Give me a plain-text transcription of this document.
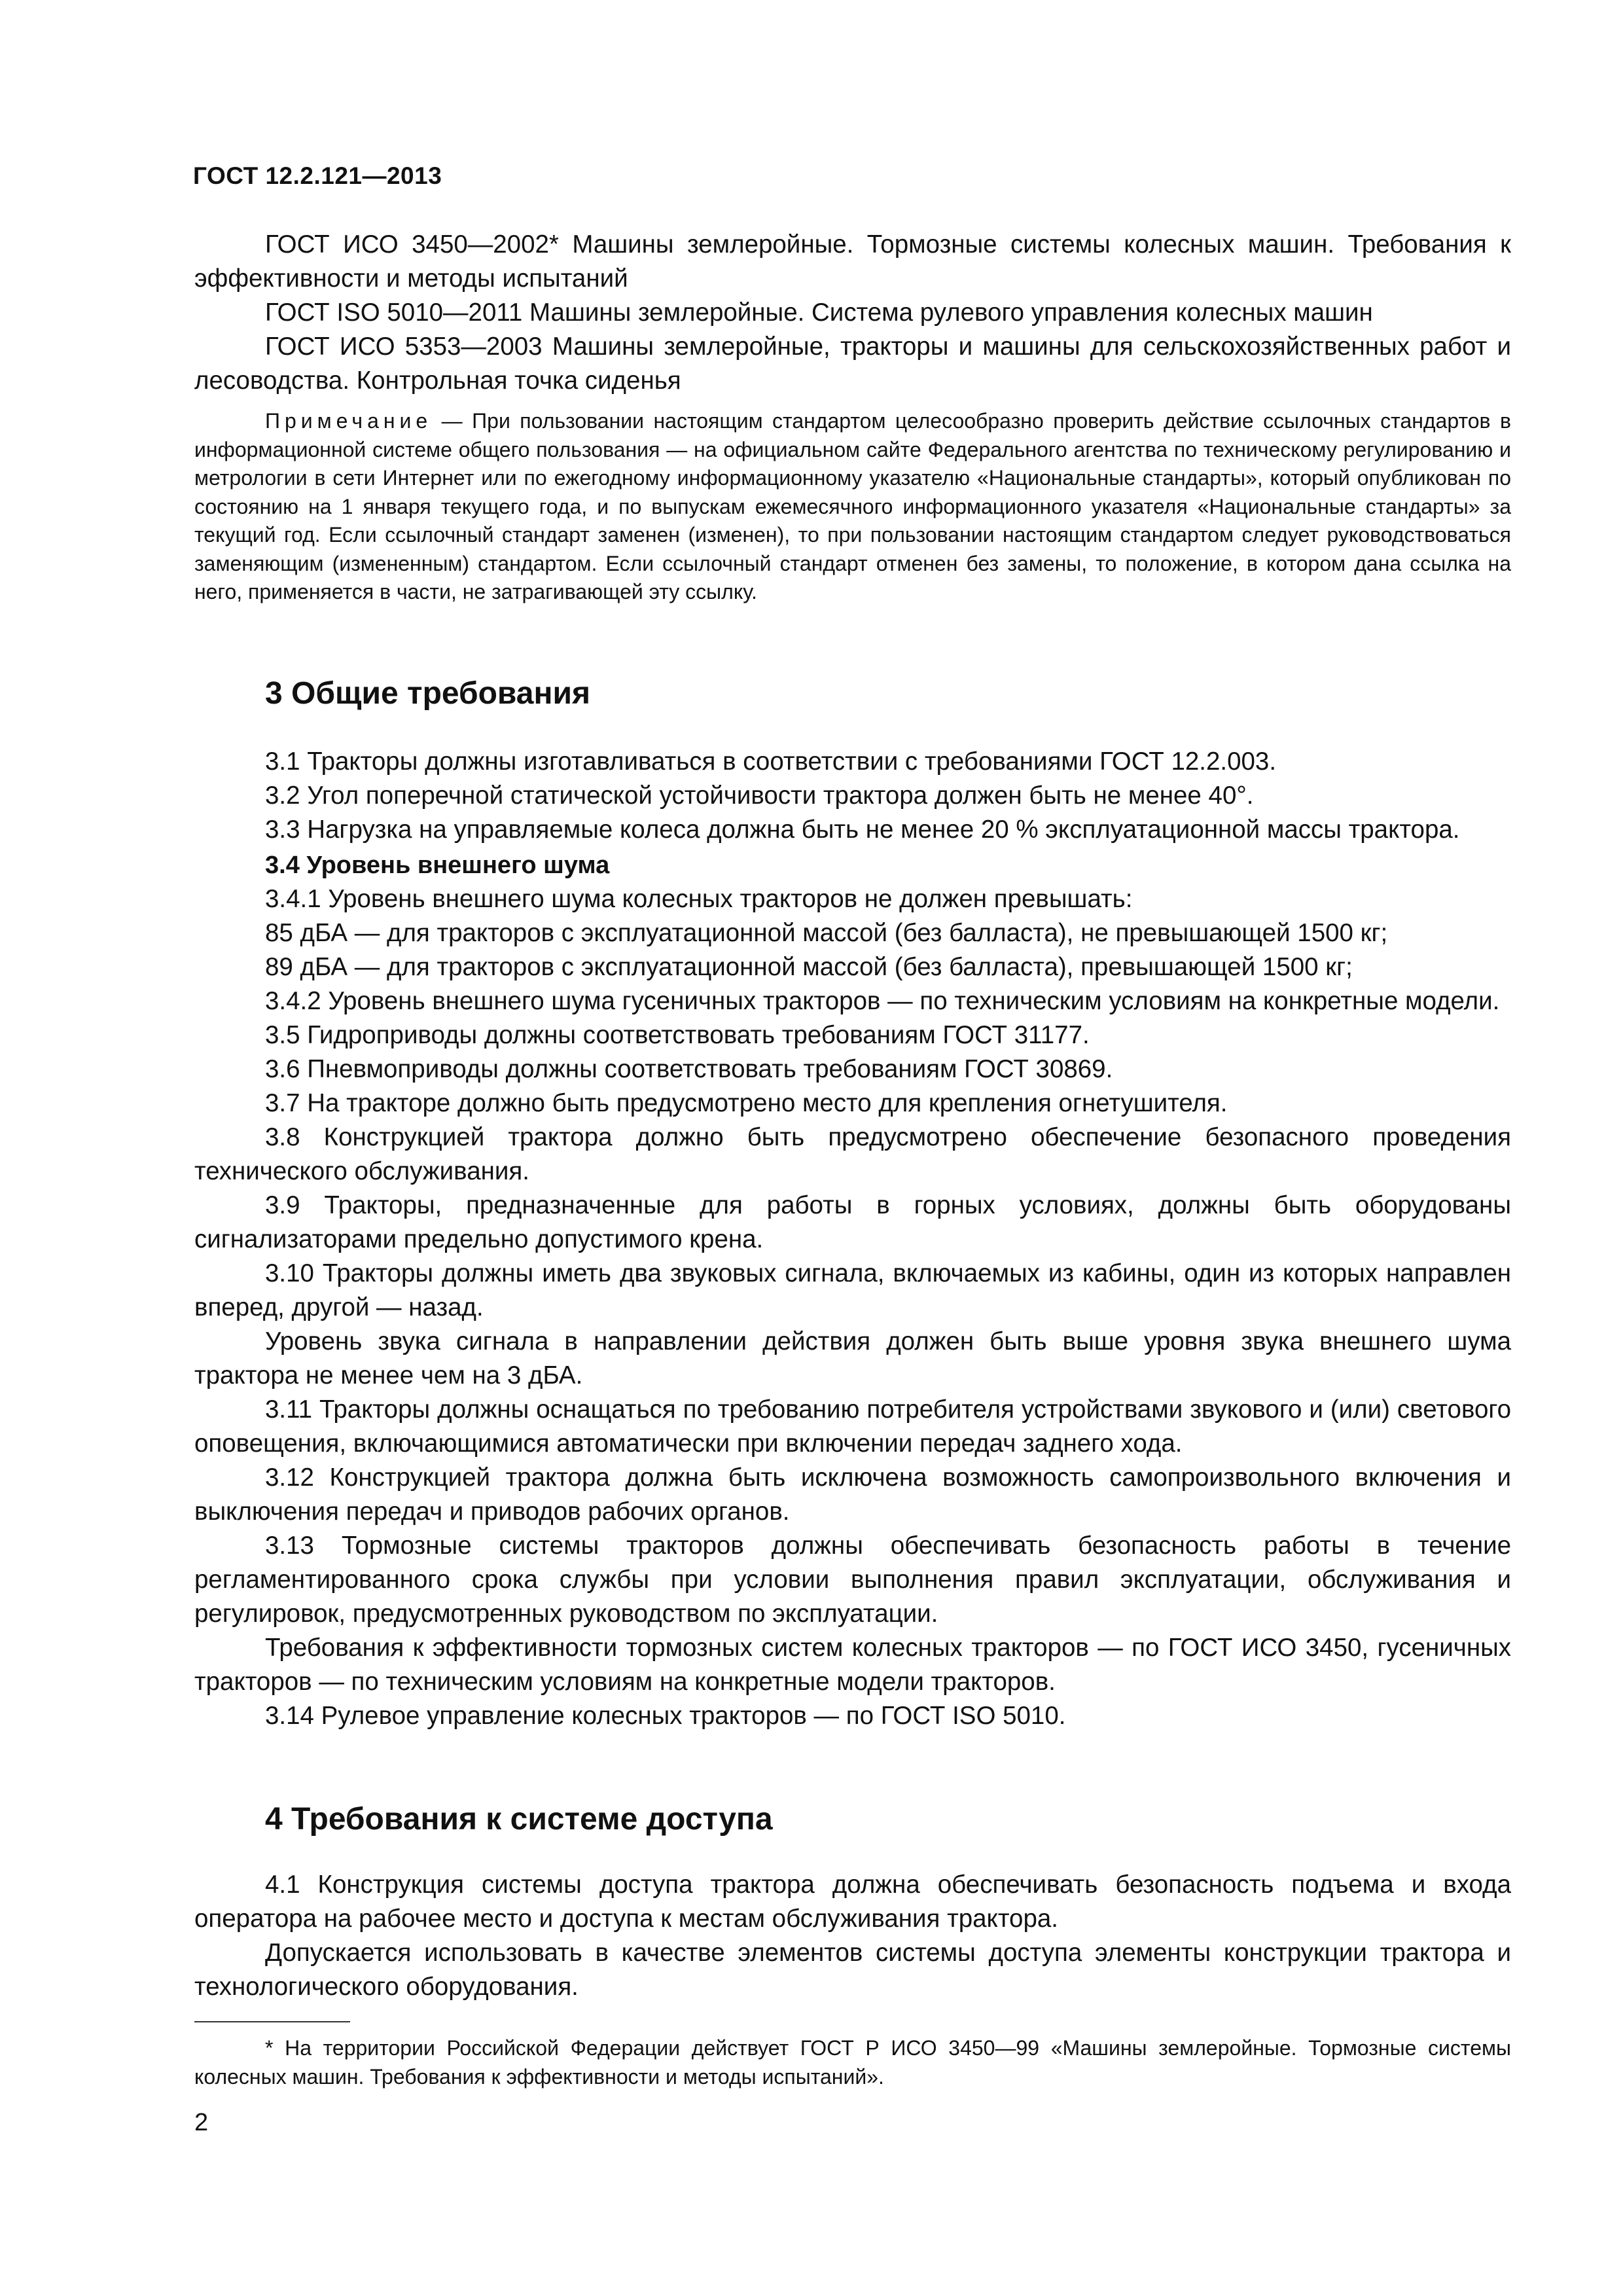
ГОСТ 12.2.121—2013

ГОСТ ИСО 3450—2002* Машины землеройные. Тормозные системы колесных машин. Требования к эффективности и методы испытаний

ГОСТ ISO 5010—2011 Машины землеройные. Система рулевого управления колесных машин

ГОСТ ИСО 5353—2003 Машины землеройные, тракторы и машины для сельскохозяйственных работ и лесоводства. Контрольная точка сиденья

Примечание — При пользовании настоящим стандартом целесообразно проверить действие ссылочных стандартов в информационной системе общего пользования — на официальном сайте Федерального агентства по техническому регулированию и метрологии в сети Интернет или по ежегодному информационному указателю «Национальные стандарты», который опубликован по состоянию на 1 января текущего года, и по выпускам ежемесячного информационного указателя «Национальные стандарты» за текущий год. Если ссылочный стандарт заменен (изменен), то при пользовании настоящим стандартом следует руководствоваться заменяющим (измененным) стандартом. Если ссылочный стандарт отменен без замены, то положение, в котором дана ссылка на него, применяется в части, не затрагивающей эту ссылку.

3 Общие требования

3.1 Тракторы должны изготавливаться в соответствии с требованиями ГОСТ 12.2.003.

3.2 Угол поперечной статической устойчивости трактора должен быть не менее 40°.

3.3 Нагрузка на управляемые колеса должна быть не менее 20 % эксплуатационной массы трактора.

3.4 Уровень внешнего шума

3.4.1 Уровень внешнего шума колесных тракторов не должен превышать:

85 дБА — для тракторов с эксплуатационной массой (без балласта), не превышающей 1500 кг;

89 дБА — для тракторов с эксплуатационной массой (без балласта), превышающей 1500 кг;

3.4.2 Уровень внешнего шума гусеничных тракторов — по техническим условиям на конкретные модели.

3.5 Гидроприводы должны соответствовать требованиям ГОСТ 31177.

3.6 Пневмоприводы должны соответствовать требованиям ГОСТ 30869.

3.7 На тракторе должно быть предусмотрено место для крепления огнетушителя.

3.8 Конструкцией трактора должно быть предусмотрено обеспечение безопасного проведения технического обслуживания.

3.9 Тракторы, предназначенные для работы в горных условиях, должны быть оборудованы сигнализаторами предельно допустимого крена.

3.10 Тракторы должны иметь два звуковых сигнала, включаемых из кабины, один из которых направлен вперед, другой — назад.

Уровень звука сигнала в направлении действия должен быть выше уровня звука внешнего шума трактора не менее чем на 3 дБА.

3.11 Тракторы должны оснащаться по требованию потребителя устройствами звукового и (или) светового оповещения, включающимися автоматически при включении передач заднего хода.

3.12 Конструкцией трактора должна быть исключена возможность самопроизвольного включения и выключения передач и приводов рабочих органов.

3.13 Тормозные системы тракторов должны обеспечивать безопасность работы в течение регламентированного срока службы при условии выполнения правил эксплуатации, обслуживания и регулировок, предусмотренных руководством по эксплуатации.

Требования к эффективности тормозных систем колесных тракторов — по ГОСТ ИСО 3450, гусеничных тракторов — по техническим условиям на конкретные модели тракторов.

3.14 Рулевое управление колесных тракторов — по ГОСТ ISO 5010.

4 Требования к системе доступа

4.1 Конструкция системы доступа трактора должна обеспечивать безопасность подъема и входа оператора на рабочее место и доступа к местам обслуживания трактора.

Допускается использовать в качестве элементов системы доступа элементы конструкции трактора и технологического оборудования.

* На территории Российской Федерации действует ГОСТ Р ИСО 3450—99 «Машины землеройные. Тормозные системы колесных машин. Требования к эффективности и методы испытаний».

2
